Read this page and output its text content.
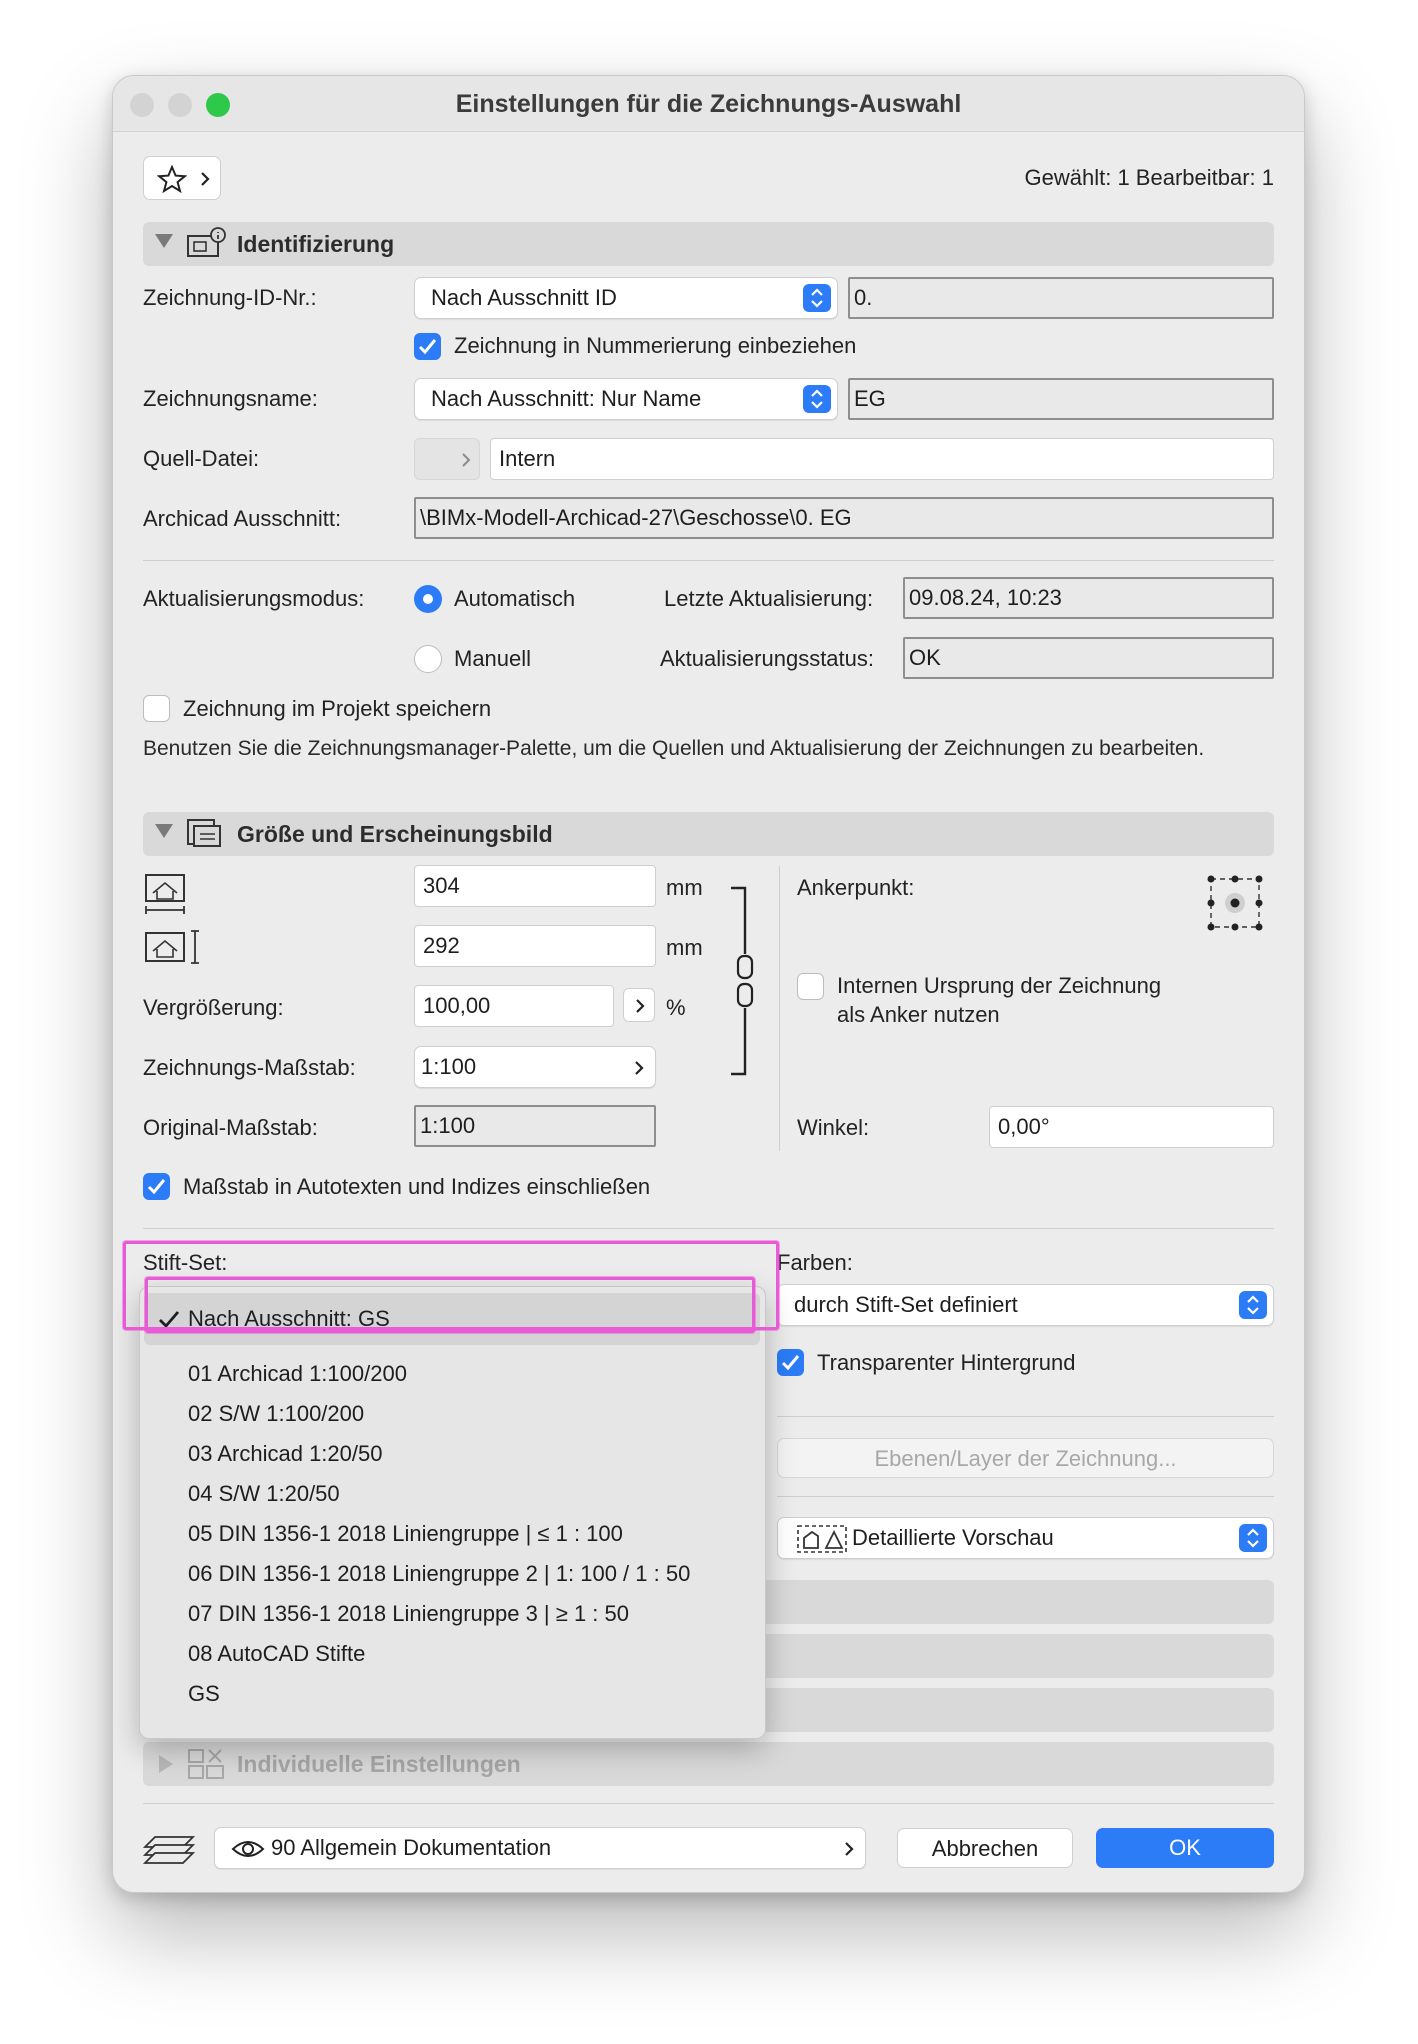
Einstellungen für die Zeichnungs-Auswahl
Gewählt: 1 Bearbeitbar: 1
Identifizierung
Zeichnung-ID-Nr.:	Nach Ausschnitt ID	0.
Zeichnung in Nummerierung einbeziehen
Zeichnungsname:	Nach Ausschnitt: Nur Name	EG
Quell-Datei:	Intern
Archicad Ausschnitt:	\BIMx-Modell-Archicad-27\Geschosse\0. EG
Aktualisierungsmodus:	Automatisch	Letzte Aktualisierung: 09.08.24, 10:23
Manuell	Aktualisierungsstatus: OK
Zeichnung im Projekt speichern
Benutzen Sie die Zeichnungsmanager-Palette, um die Quellen und Aktualisierung der Zeichnungen zu bearbeiten.
Größe und Erscheinungsbild
304	mm
292	mm
Vergrößerung:	100,00	%
Zeichnungs-Maßstab:	1:100
Original-Maßstab:	1:100
Ankerpunkt:
Internen Ursprung der Zeichnung
als Anker nutzen
Winkel:	0,00°
Maßstab in Autotexten und Indizes einschließen
Stift-Set:	Farben:
durch Stift-Set definiert
Transparenter Hintergrund
Ebenen/Layer der Zeichnung...
Detaillierte Vorschau
Individuelle Einstellungen
90 Allgemein Dokumentation	Abbrechen	OK
Nach Ausschnitt: GS
01 Archicad 1:100/200
02 S/W 1:100/200
03 Archicad 1:20/50
04 S/W 1:20/50
05 DIN 1356-1 2018 Liniengruppe | ≤ 1 : 100
06 DIN 1356-1 2018 Liniengruppe 2 | 1: 100 / 1 : 50
07 DIN 1356-1 2018 Liniengruppe 3 | ≥ 1 : 50
08 AutoCAD Stifte
GS
